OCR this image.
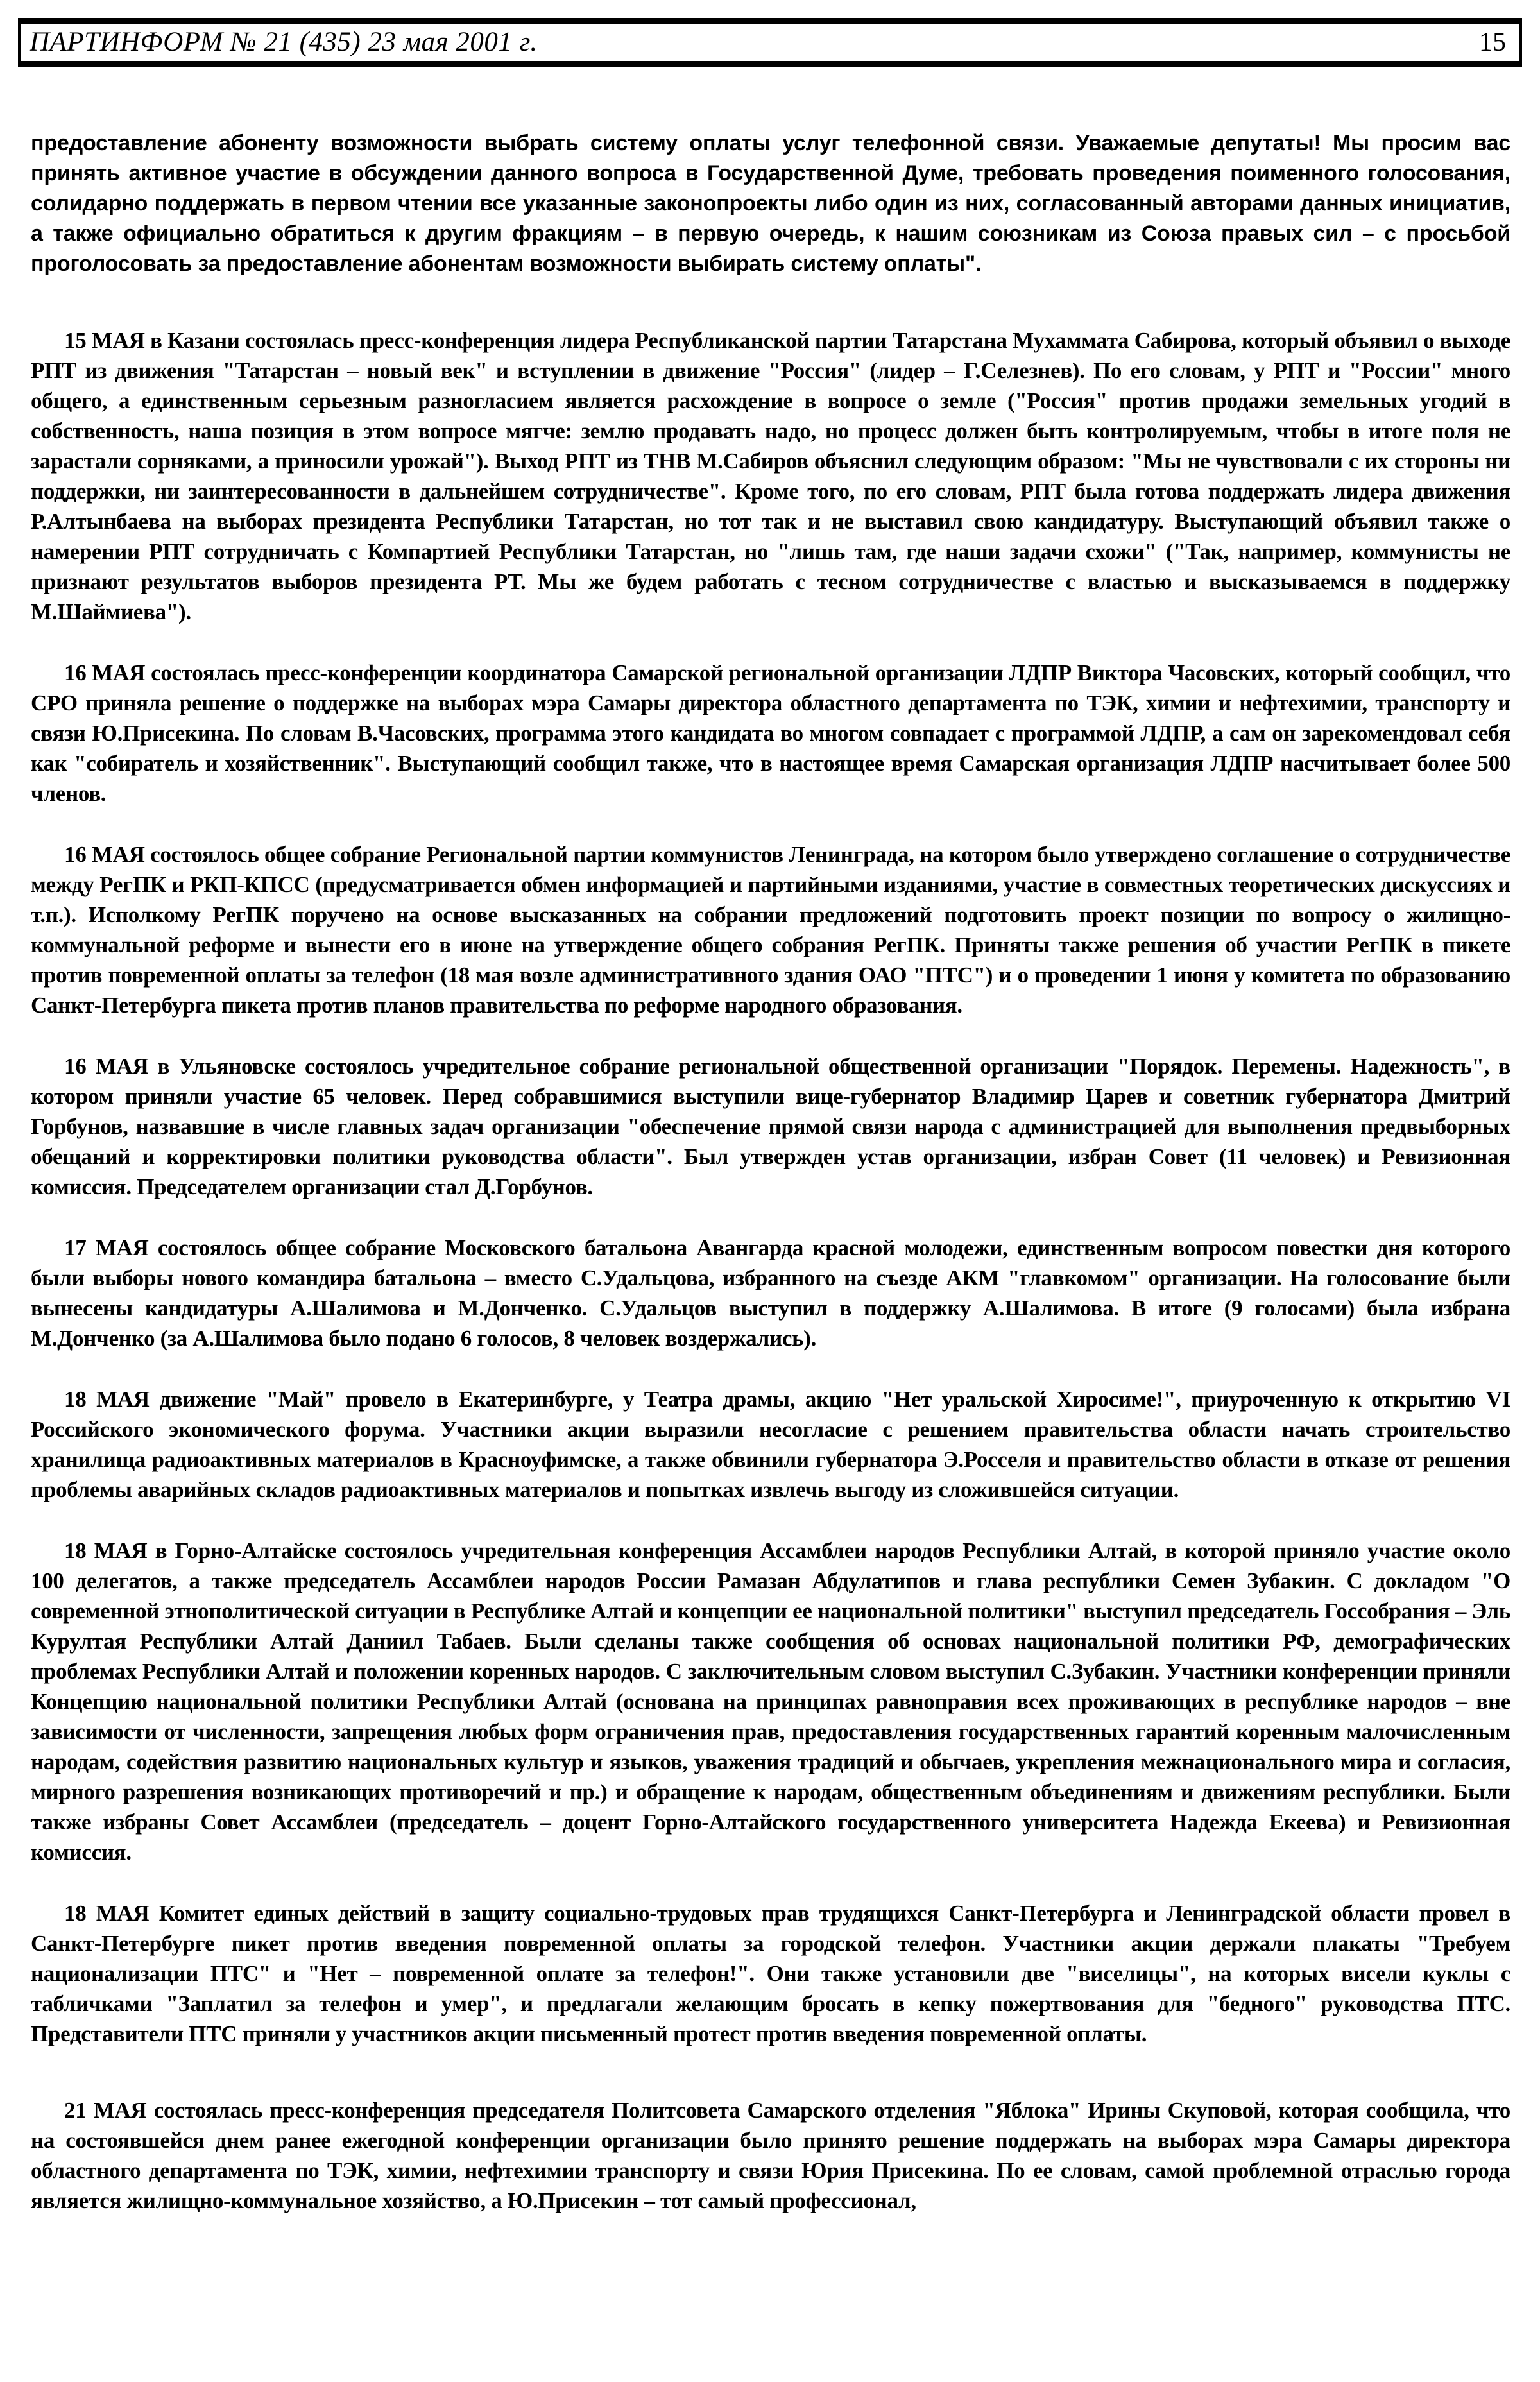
ПАРТИНФОРМ № 21 (435) 23 мая 2001 г.	15

предоставление абоненту возможности выбрать систему оплаты услуг телефонной связи. Уважаемые депутаты! Мы просим вас принять активное участие в обсуждении данного вопроса в Государственной Думе, требовать проведения поименного голосования, солидарно поддержать в первом чтении все указанные законопроекты либо один из них, согласованный авторами данных инициатив, а также официально обратиться к другим фракциям – в первую очередь, к нашим союзникам из Союза правых сил – с просьбой проголосовать за предоставление абонентам возможности выбирать систему оплаты".

15 МАЯ в Казани состоялась пресс-конференция лидера Республиканской партии Татарстана Мухаммата Сабирова, который объявил о выходе РПТ из движения "Татарстан – новый век" и вступлении в движение "Россия" (лидер – Г.Селезнев). По его словам, у РПТ и "России" много общего, а единственным серьезным разногласием является расхождение в вопросе о земле ("Россия" против продажи земельных угодий в собственность, наша позиция в этом вопросе мягче: землю продавать надо, но процесс должен быть контролируемым, чтобы в итоге поля не зарастали сорняками, а приносили урожай"). Выход РПТ из ТНВ М.Сабиров объяснил следующим образом: "Мы не чувствовали с их стороны ни поддержки, ни заинтересованности в дальнейшем сотрудничестве". Кроме того, по его словам, РПТ была готова поддержать лидера движения Р.Алтынбаева на выборах президента Республики Татарстан, но тот так и не выставил свою кандидатуру. Выступающий объявил также о намерении РПТ сотрудничать с Компартией Республики Татарстан, но "лишь там, где наши задачи схожи" ("Так, например, коммунисты не признают результатов выборов президента РТ. Мы же будем работать с тесном сотрудничестве с властью и высказываемся в поддержку М.Шаймиева").

16 МАЯ состоялась пресс-конференции координатора Самарской региональной организации ЛДПР Виктора Часовских, который сообщил, что СРО приняла решение о поддержке на выборах мэра Самары директора областного департамента по ТЭК, химии и нефтехимии, транспорту и связи Ю.Присекина. По словам В.Часовских, программа этого кандидата во многом совпадает с программой ЛДПР, а сам он зарекомендовал себя как "собиратель и хозяйственник". Выступающий сообщил также, что в настоящее время Самарская организация ЛДПР насчитывает более 500 членов.

16 МАЯ состоялось общее собрание Региональной партии коммунистов Ленинграда, на котором было утверждено соглашение о сотрудничестве между РегПК и РКП-КПСС (предусматривается обмен информацией и партийными изданиями, участие в совместных теоретических дискуссиях и т.п.). Исполкому РегПК поручено на основе высказанных на собрании предложений подготовить проект позиции по вопросу о жилищно-коммунальной реформе и вынести его в июне на утверждение общего собрания РегПК. Приняты также решения об участии РегПК в пикете против повременной оплаты за телефон (18 мая возле административного здания ОАО "ПТС") и о проведении 1 июня у комитета по образованию Санкт-Петербурга пикета против планов правительства по реформе народного образования.

16 МАЯ в Ульяновске состоялось учредительное собрание региональной общественной организации "Порядок. Перемены. Надежность", в котором приняли участие 65 человек. Перед собравшимися выступили вице-губернатор Владимир Царев и советник губернатора Дмитрий Горбунов, назвавшие в числе главных задач организации "обеспечение прямой связи народа с администрацией для выполнения предвыборных обещаний и корректировки политики руководства области". Был утвержден устав организации, избран Совет (11 человек) и Ревизионная комиссия. Председателем организации стал Д.Горбунов.

17 МАЯ состоялось общее собрание Московского батальона Авангарда красной молодежи, единственным вопросом повестки дня которого были выборы нового командира батальона – вместо С.Удальцова, избранного на съезде АКМ "главкомом" организации. На голосование были вынесены кандидатуры А.Шалимова и М.Донченко. С.Удальцов выступил в поддержку А.Шалимова. В итоге (9 голосами) была избрана М.Донченко (за А.Шалимова было подано 6 голосов, 8 человек воздержались).

18 МАЯ движение "Май" провело в Екатеринбурге, у Театра драмы, акцию "Нет уральской Хиросиме!", приуроченную к открытию VI Российского экономического форума. Участники акции выразили несогласие с решением правительства области начать строительство хранилища радиоактивных материалов в Красноуфимске, а также обвинили губернатора Э.Росселя и правительство области в отказе от решения проблемы аварийных складов радиоактивных материалов и попытках извлечь выгоду из сложившейся ситуации.

18 МАЯ в Горно-Алтайске состоялось учредительная конференция Ассамблеи народов Республики Алтай, в которой приняло участие около 100 делегатов, а также председатель Ассамблеи народов России Рамазан Абдулатипов и глава республики Семен Зубакин. С докладом "О современной этнополитической ситуации в Республике Алтай и концепции ее национальной политики" выступил председатель Госсобрания – Эль Курултая Республики Алтай Даниил Табаев. Были сделаны также сообщения об основах национальной политики РФ, демографических проблемах Республики Алтай и положении коренных народов. С заключительным словом выступил С.Зубакин. Участники конференции приняли Концепцию национальной политики Республики Алтай (основана на принципах равноправия всех проживающих в республике народов – вне зависимости от численности, запрещения любых форм ограничения прав, предоставления государственных гарантий коренным малочисленным народам, содействия развитию национальных культур и языков, уважения традиций и обычаев, укрепления межнационального мира и согласия, мирного разрешения возникающих противоречий и пр.) и обращение к народам, общественным объединениям и движениям республики. Были также избраны Совет Ассамблеи (председатель – доцент Горно-Алтайского государственного университета Надежда Екеева) и Ревизионная комиссия.

18 МАЯ Комитет единых действий в защиту социально-трудовых прав трудящихся Санкт-Петербурга и Ленинградской области провел в Санкт-Петербурге пикет против введения повременной оплаты за городской телефон. Участники акции держали плакаты "Требуем национализации ПТС" и "Нет – повременной оплате за телефон!". Они также установили две "виселицы", на которых висели куклы с табличками "Заплатил за телефон и умер", и предлагали желающим бросать в кепку пожертвования для "бедного" руководства ПТС. Представители ПТС приняли у участников акции письменный протест против введения повременной оплаты.

21 МАЯ состоялась пресс-конференция председателя Политсовета Самарского отделения "Яблока" Ирины Скуповой, которая сообщила, что на состоявшейся днем ранее ежегодной конференции организации было принято решение поддержать на выборах мэра Самары директора областного департамента по ТЭК, химии, нефтехимии транспорту и связи Юрия Присекина. По ее словам, самой проблемной отраслью города является жилищно-коммунальное хозяйство, а Ю.Присекин – тот самый профессионал,
